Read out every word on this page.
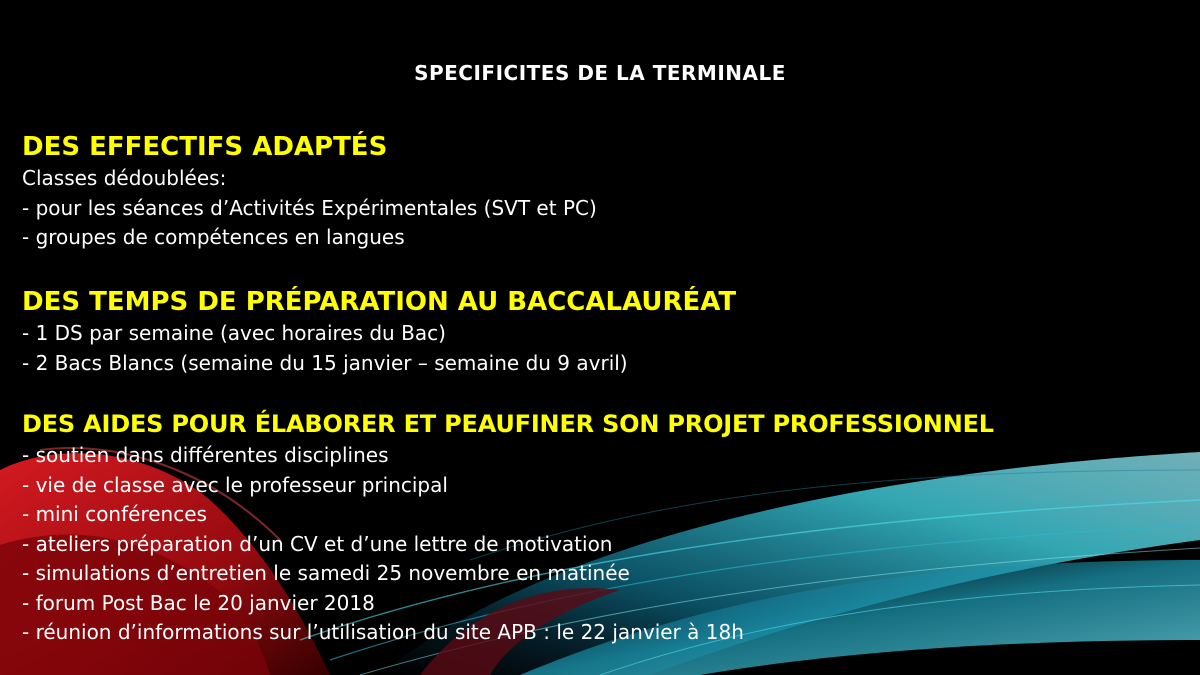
SPECIFICITES DE LA TERMINALE

DES EFFECTIFS ADAPTÉS

Classes dédoublées:

- pour les séances d’Activités Expérimentales (SVT et PC)

- groupes de compétences en langues

DES TEMPS DE PRÉPARATION AU BACCALAURÉAT

- 1 DS par semaine (avec horaires du Bac)

- 2 Bacs Blancs (semaine du 15 janvier – semaine du 9 avril)

DES AIDES POUR ÉLABORER ET PEAUFINER SON PROJET PROFESSIONNEL

- soutien dans différentes disciplines

- vie de classe avec le professeur principal

- mini conférences

- ateliers préparation d’un CV et d’une lettre de motivation

- simulations d’entretien le samedi 25 novembre en matinée

- forum Post Bac le 20 janvier 2018

- réunion d’informations sur l’utilisation du site APB : le 22 janvier à 18h
